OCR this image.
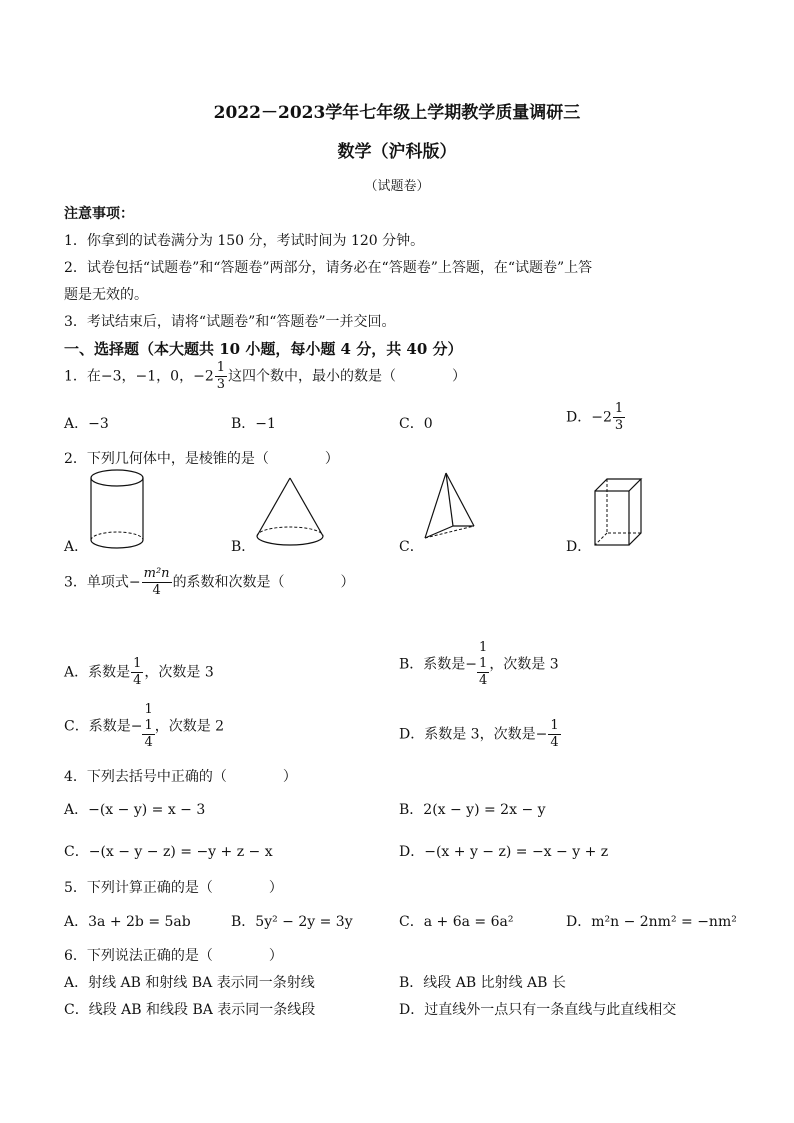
2022－2023学年七年级上学期教学质量调研三
数学（沪科版）
（试题卷）
注意事项：
1．你拿到的试卷满分为 150 分，考试时间为 120 分钟。
2．试卷包括“试题卷”和“答题卷”两部分，请务必在“答题卷”上答题，在“试题卷”上答
题是无效的。
3．考试结束后，请将“试题卷”和“答题卷”一并交回。
一、选择题（本大题共 10 小题，每小题 4 分，共 40 分）
1．在−3，−1，0，$-2 \frac{1}{3}$ 这四个数中，最小的数是（　　　　）
A．−3	B．−1	C．0	D．$-2 \frac{1}{3}$
2．下列几何体中，是棱锥的是（　　　　）
A．	B．	C．	D．
3．单项式− $\frac{\text{m²n}}{4}$ 的系数和次数是（　　　　）
A．系数是 $\frac{1}{4}$ ，次数是 3	B．系数是−
1
1
4
，次数是 3
C．系数是−
1
1
4
，次数是 2	D．系数是 3，次数是− $\frac{1}{4}$
4．下列去括号中正确的（　　　　）
A．−(x − y) = x − 3	B．2(x − y) = 2x − y
C．−(x − y − z) = −y + z − x	D．−(x + y − z) = −x − y + z
5．下列计算正确的是（　　　　）
A．3a + 2b = 5ab	B．5y² − 2y = 3y	C．a + 6a = 6a²	D．m²n − 2nm² = −nm²
6．下列说法正确的是（　　　　）
A．射线 AB 和射线 BA 表示同一条射线	B．线段 AB 比射线 AB 长
C．线段 AB 和线段 BA 表示同一条线段	D．过直线外一点只有一条直线与此直线相交
